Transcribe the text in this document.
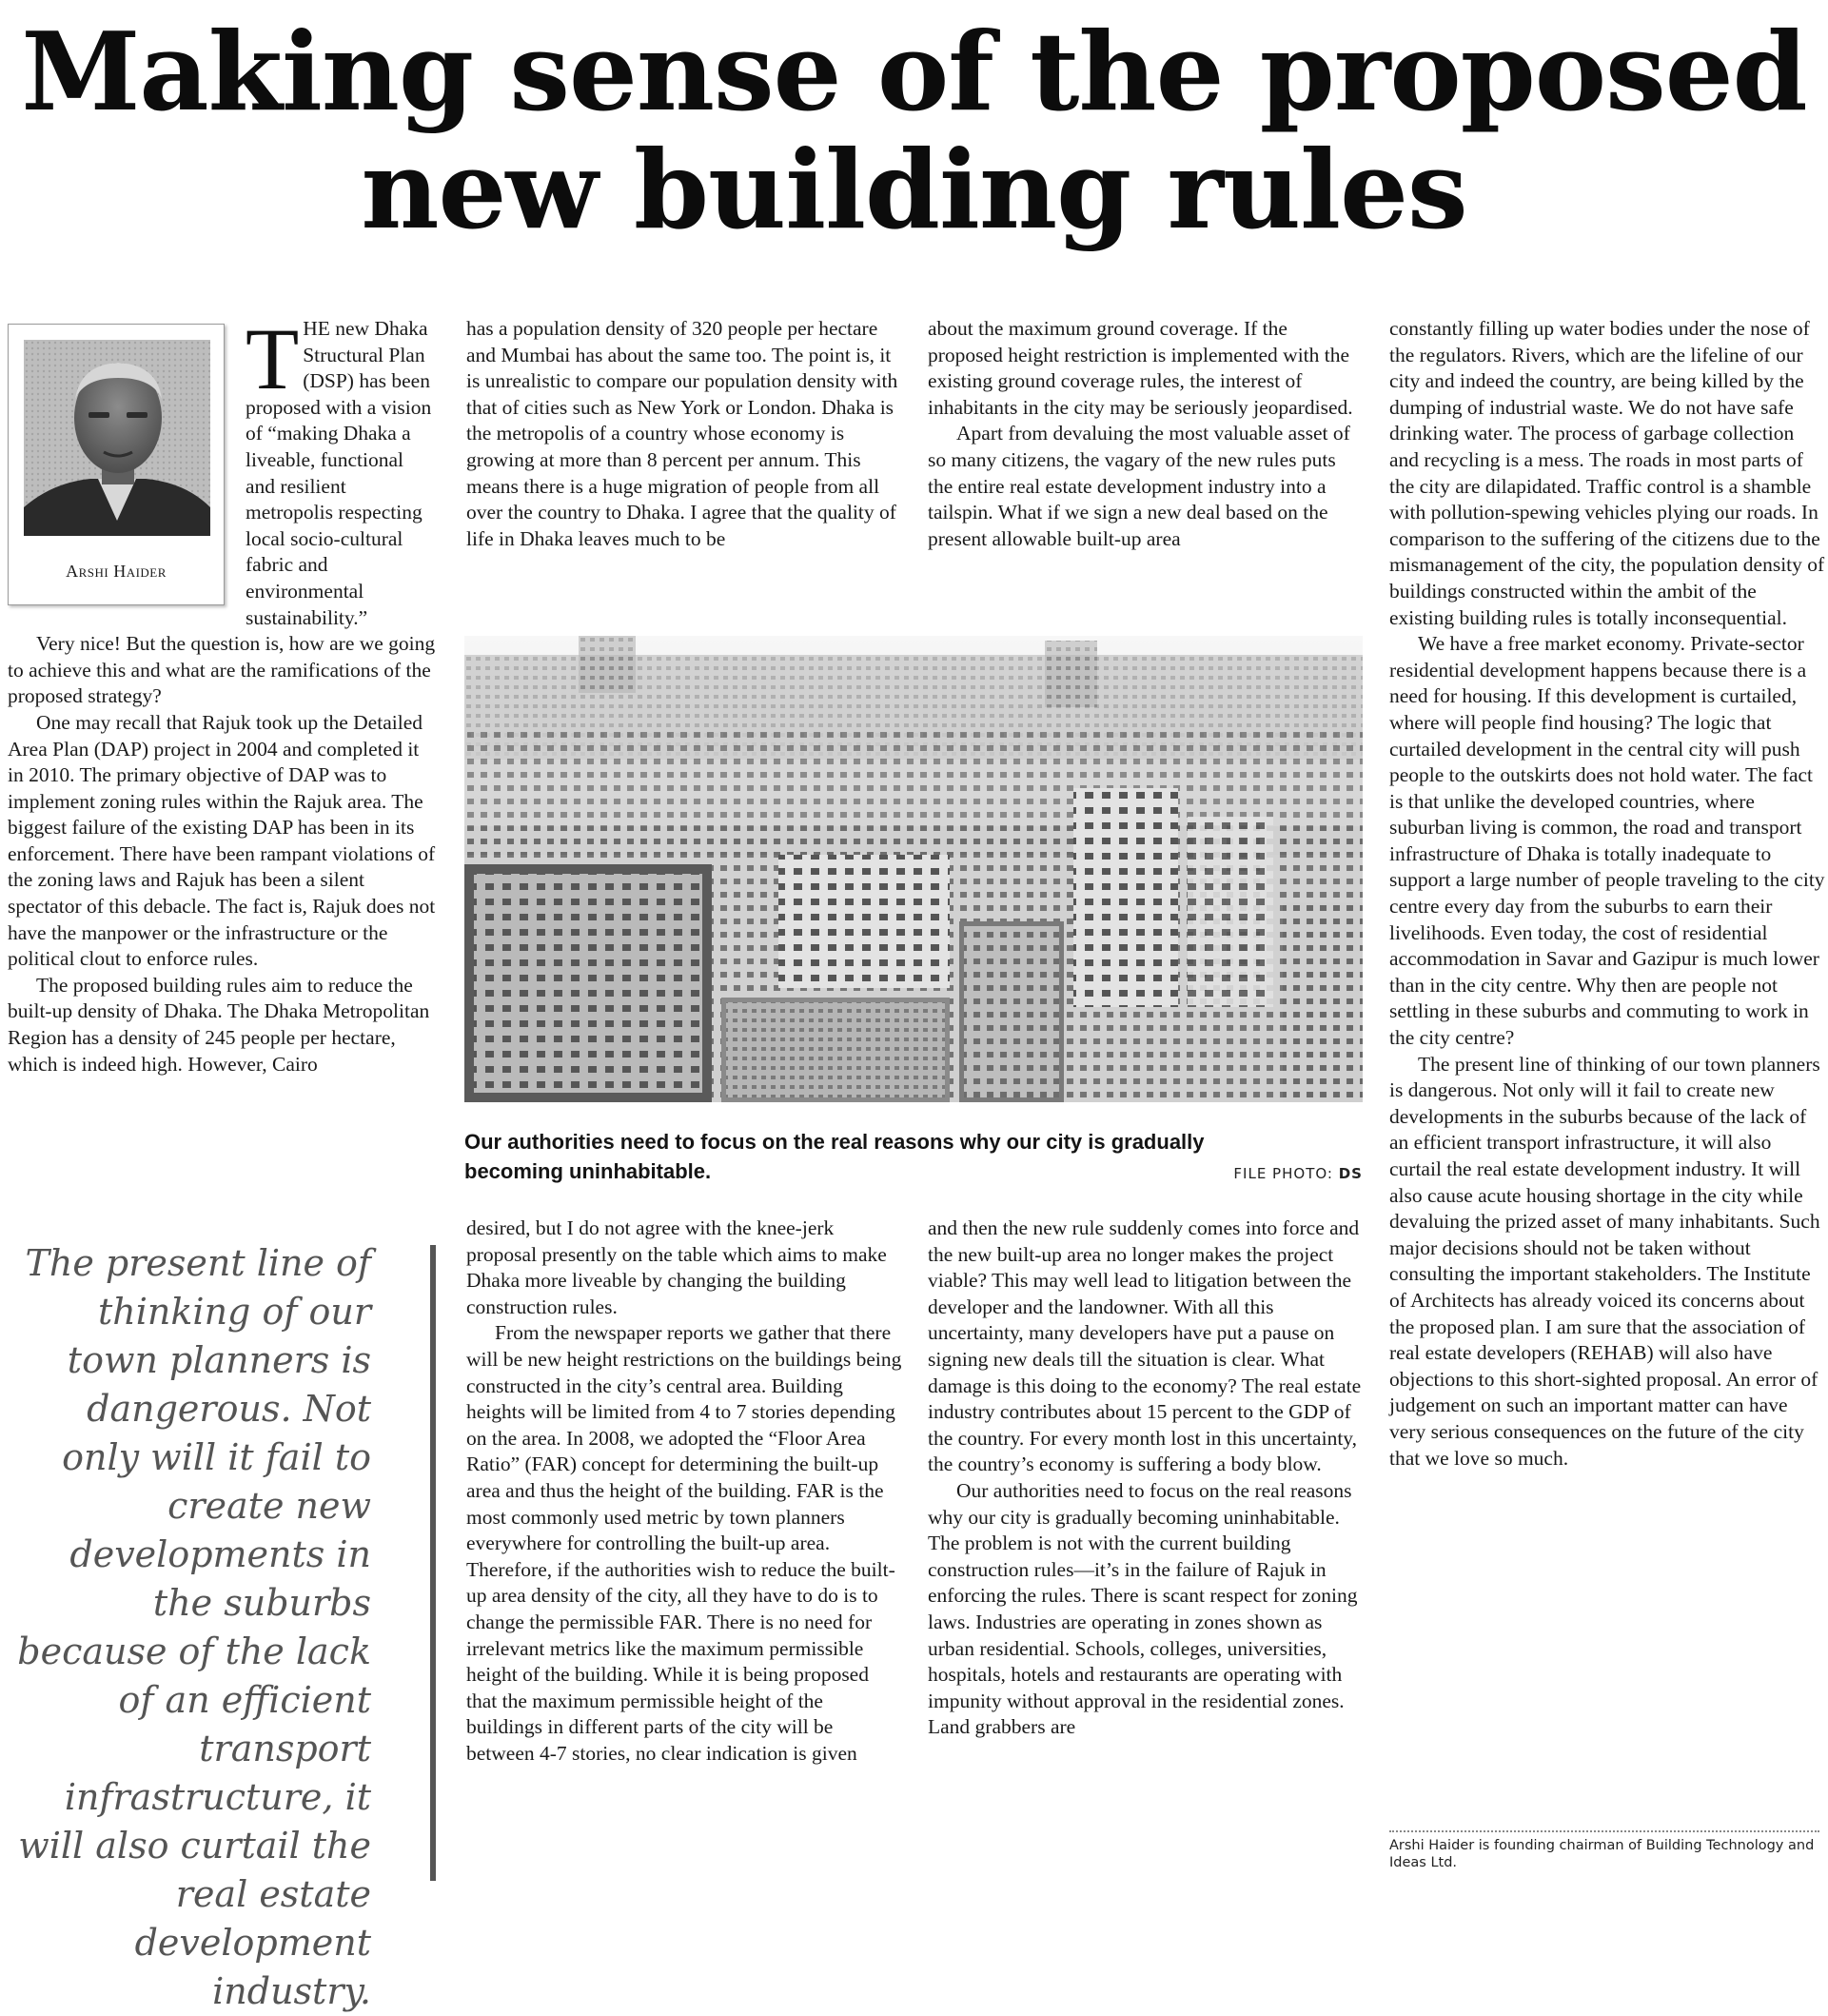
Making sense of the proposed
new building rules
Arshi Haider

THE new Dhaka Structural Plan (DSP) has been proposed with a vision of “making Dhaka a liveable, functional and resilient metropolis respecting local socio-cultural fabric and environmental sustainability.”

Very nice! But the question is, how are we going to achieve this and what are the ramifications of the proposed strategy?

One may recall that Rajuk took up the Detailed Area Plan (DAP) project in 2004 and completed it in 2010. The primary objective of DAP was to implement zoning rules within the Rajuk area. The biggest failure of the existing DAP has been in its enforcement. There have been rampant violations of the zoning laws and Rajuk has been a silent spectator of this debacle. The fact is, Rajuk does not have the manpower or the infrastructure or the political clout to enforce rules.

The proposed building rules aim to reduce the built-up density of Dhaka. The Dhaka Metropolitan Region has a density of 245 people per hectare, which is indeed high. However, Cairo

The present line of thinking of our town planners is dangerous. Not only will it fail to create new developments in the suburbs because of the lack of an efficient transport infrastructure, it will also curtail the real estate development industry.

has a population density of 320 people per hectare and Mumbai has about the same too. The point is, it is unrealistic to compare our population density with that of cities such as New York or London. Dhaka is the metropolis of a country whose economy is growing at more than 8 percent per annum. This means there is a huge migration of people from all over the country to Dhaka. I agree that the quality of life in Dhaka leaves much to be

about the maximum ground coverage. If the proposed height restriction is implemented with the existing ground coverage rules, the interest of inhabitants in the city may be seriously jeopardised.

Apart from devaluing the most valuable asset of so many citizens, the vagary of the new rules puts the entire real estate development industry into a tailspin. What if we sign a new deal based on the present allowable built-up area

Our authorities need to focus on the real reasons why our city is gradually becoming uninhabitable.	FILE PHOTO: DS

desired, but I do not agree with the knee-jerk proposal presently on the table which aims to make Dhaka more liveable by changing the building construction rules.

From the newspaper reports we gather that there will be new height restrictions on the buildings being constructed in the city’s central area. Building heights will be limited from 4 to 7 stories depending on the area. In 2008, we adopted the “Floor Area Ratio” (FAR) concept for determining the built-up area and thus the height of the building. FAR is the most commonly used metric by town planners everywhere for controlling the built-up area. Therefore, if the authorities wish to reduce the built-up area density of the city, all they have to do is to change the permissible FAR. There is no need for irrelevant metrics like the maximum permissible height of the building. While it is being proposed that the maximum permissible height of the buildings in different parts of the city will be between 4-7 stories, no clear indication is given

and then the new rule suddenly comes into force and the new built-up area no longer makes the project viable? This may well lead to litigation between the developer and the landowner. With all this uncertainty, many developers have put a pause on signing new deals till the situation is clear. What damage is this doing to the economy? The real estate industry contributes about 15 percent to the GDP of the country. For every month lost in this uncertainty, the country’s economy is suffering a body blow.

Our authorities need to focus on the real reasons why our city is gradually becoming uninhabitable. The problem is not with the current building construction rules—it’s in the failure of Rajuk in enforcing the rules. There is scant respect for zoning laws. Industries are operating in zones shown as urban residential. Schools, colleges, universities, hospitals, hotels and restaurants are operating with impunity without approval in the residential zones. Land grabbers are

constantly filling up water bodies under the nose of the regulators. Rivers, which are the lifeline of our city and indeed the country, are being killed by the dumping of industrial waste. We do not have safe drinking water. The process of garbage collection and recycling is a mess. The roads in most parts of the city are dilapidated. Traffic control is a shamble with pollution-spewing vehicles plying our roads. In comparison to the suffering of the citizens due to the mismanagement of the city, the population density of buildings constructed within the ambit of the existing building rules is totally inconsequential.

We have a free market economy. Private-sector residential development happens because there is a need for housing. If this development is curtailed, where will people find housing? The logic that curtailed development in the central city will push people to the outskirts does not hold water. The fact is that unlike the developed countries, where suburban living is common, the road and transport infrastructure of Dhaka is totally inadequate to support a large number of people traveling to the city centre every day from the suburbs to earn their livelihoods. Even today, the cost of residential accommodation in Savar and Gazipur is much lower than in the city centre. Why then are people not settling in these suburbs and commuting to work in the city centre?

The present line of thinking of our town planners is dangerous. Not only will it fail to create new developments in the suburbs because of the lack of an efficient transport infrastructure, it will also curtail the real estate development industry. It will also cause acute housing shortage in the city while devaluing the prized asset of many inhabitants. Such major decisions should not be taken without consulting the important stakeholders. The Institute of Architects has already voiced its concerns about the proposed plan. I am sure that the association of real estate developers (REHAB) will also have objections to this short-sighted proposal. An error of judgement on such an important matter can have very serious consequences on the future of the city that we love so much.

Arshi Haider is founding chairman of Building Technology and Ideas Ltd.
